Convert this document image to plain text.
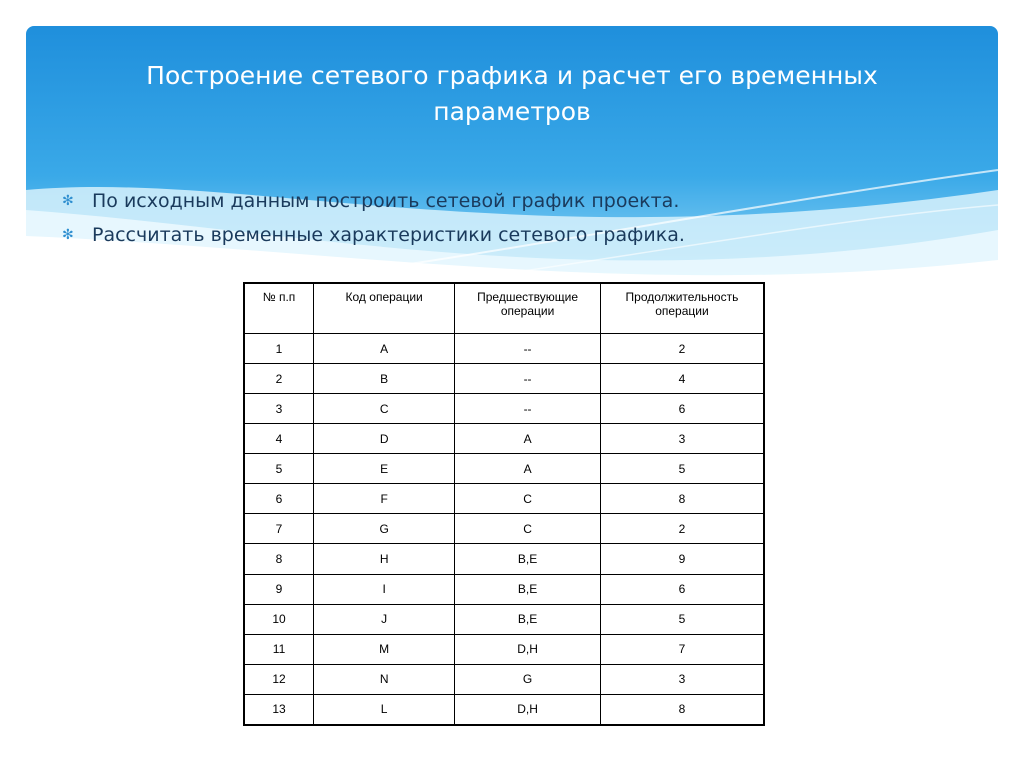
Построение сетевого графика и расчет его временных
параметров
✻ По исходным данным построить сетевой график проекта.
✻ Рассчитать временные характеристики сетевого графика.
№ п.п	Код операции	Предшествующие операции	Продолжительность операции
1	A	--	2
2	B	--	4
3	C	--	6
4	D	A	3
5	E	A	5
6	F	C	8
7	G	C	2
8	H	B,E	9
9	I	B,E	6
10	J	B,E	5
11	M	D,H	7
12	N	G	3
13	L	D,H	8
